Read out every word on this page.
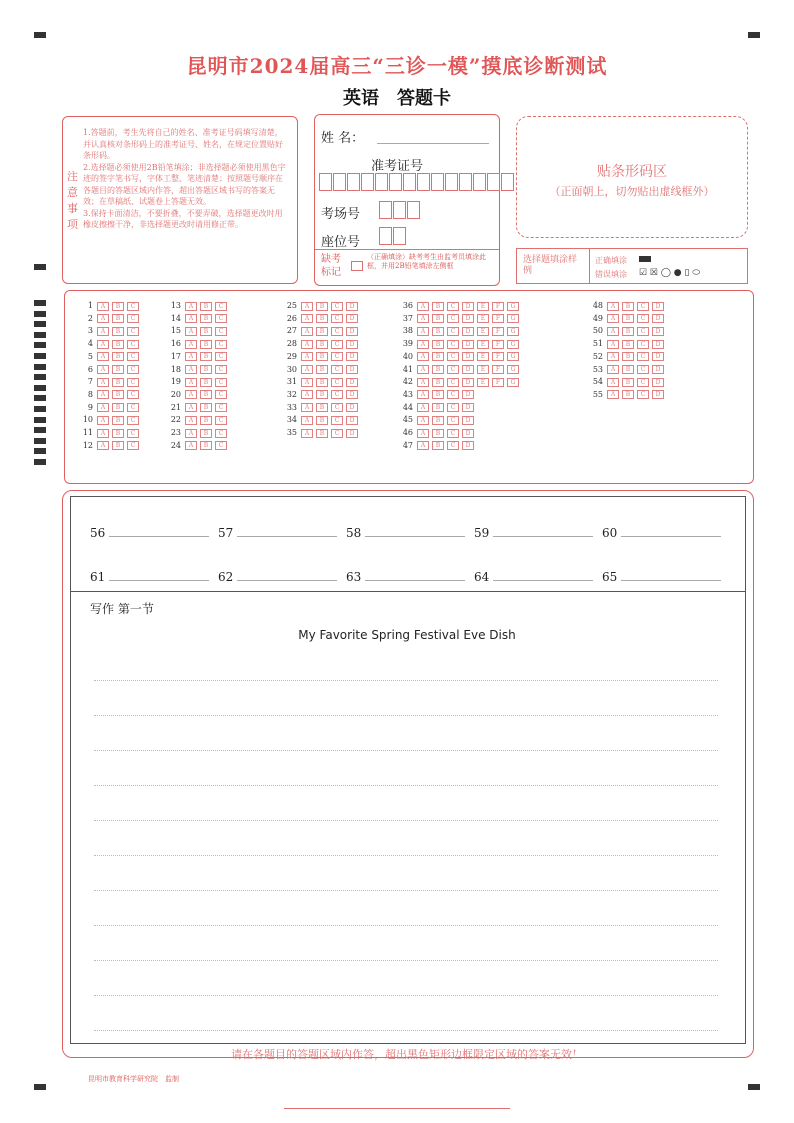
昆明市2024届高三“三诊一模”摸底诊断测试
英语　答题卡
注意事项
1.答题前，考生先将自己的姓名、准考证号码填写清楚，并认真核对条形码上的准考证号、姓名，在规定位置贴好条形码。
2.选择题必须使用2B铅笔填涂；非选择题必须使用黑色字迹的签字笔书写，字体工整、笔迹清楚；按照题号顺序在各题目的答题区域内作答，超出答题区域书写的答案无效；在草稿纸、试题卷上答题无效。
3.保持卡面清洁，不要折叠，不要弄破，选择题更改时用橡皮擦擦干净，非选择题更改时请用修正带。
姓 名：
准考证号
考场号
座位号
缺考标记
（正确填涂）缺考考生由监考员填涂此框，并用2B铅笔填涂左侧框
贴条形码区
（正面朝上，切勿贴出虚线框外）
选择题填涂样例
正确填涂
错误填涂 ☑ ☒ ◯ ● ▯ ⬭
1 A B C
2 A B C
3 A B C
4 A B C
5 A B C
6 A B C
7 A B C
8 A B C
9 A B C
10 A B C
11 A B C
12 A B C
13 A B C
14 A B C
15 A B C
16 A B C
17 A B C
18 A B C
19 A B C
20 A B C
21 A B C
22 A B C
23 A B C
24 A B C
25 A B C D
26 A B C D
27 A B C D
28 A B C D
29 A B C D
30 A B C D
31 A B C D
32 A B C D
33 A B C D
34 A B C D
35 A B C D
36 A B C D E F G
37 A B C D E F G
38 A B C D E F G
39 A B C D E F G
40 A B C D E F G
41 A B C D E F G
42 A B C D E F G
43 A B C D
44 A B C D
45 A B C D
46 A B C D
47 A B C D
48 A B C D
49 A B C D
50 A B C D
51 A B C D
52 A B C D
53 A B C D
54 A B C D
55 A B C D
56	57	58	59	60
61	62	63	64	65
写作 第一节
My Favorite Spring Festival Eve Dish
请在各题目的答题区域内作答，超出黑色矩形边框限定区域的答案无效！
昆明市教育科学研究院　监制
